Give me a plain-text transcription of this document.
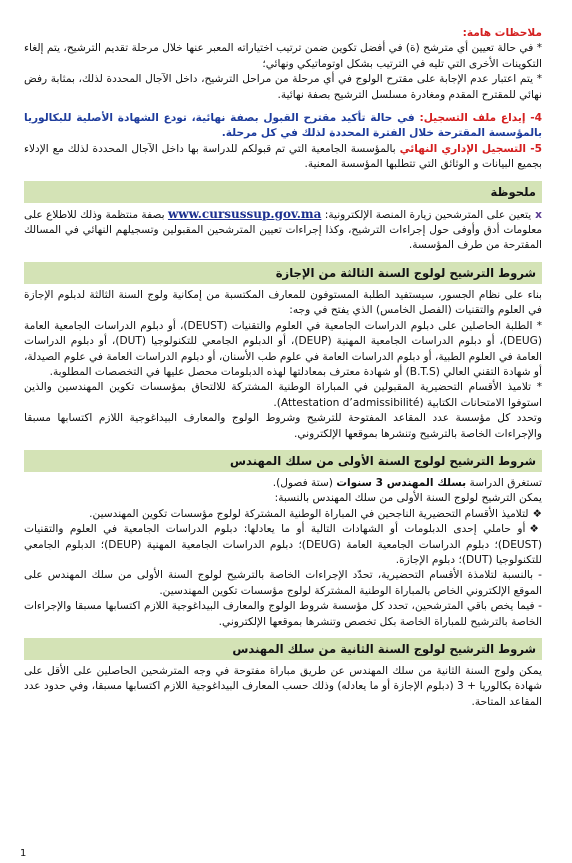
ملاحظات هامة:

* في حالة تعيين أي مترشح (ة) في أفضل تكوين ضمن ترتيب اختياراته المعبر عنها خلال مرحلة تقديم الترشيح، يتم إلغاء التكوينات الأخرى التي تليه في الترتيب بشكل اوتوماتيكي ونهائي؛

* يتم اعتبار عدم الإجابة على مقترح الولوج في أي مرحلة من مراحل الترشيح، داخل الآجال المحددة لذلك، بمثابة رفض نهائي للمقترح المقدم ومغادرة مسلسل الترشيح بصفة نهائية.

4- إيداع ملف التسجيل: في حالة تأكيد مقترح القبول بصفة نهائية، تودع الشهادة الأصلية للبكالوريا بالمؤسسة المقترحة خلال الفترة المحددة لذلك في كل مرحلة.

5- التسجيل الإداري النهائي بالمؤسسة الجامعية التي تم قبولكم للدراسة بها داخل الآجال المحددة لذلك مع الإدلاء بجميع البيانات و الوثائق التي تتطلبها المؤسسة المعنية.

ملحوظة

xيتعين على المترشحين زيارة المنصة الإلكترونية: www.cursussup.gov.ma بصفة منتظمة وذلك للاطلاع على معلومات أدق وأوفى حول إجراءات الترشيح، وكذا إجراءات تعيين المترشحين المقبولين وتسجيلهم النهائي في المسالك المقترحة من طرف المؤسسة.

شروط الترشيح لولوج السنة الثالثة من الإجازة

بناء على نظام الجسور، سيستفيد الطلبة المستوفون للمعارف المكتسبة من إمكانية ولوج السنة الثالثة لدبلوم الإجازة في العلوم والتقنيات (الفصل الخامس) الذي يفتح في وجه:

* الطلبة الحاصلين على دبلوم الدراسات الجامعية في العلوم والتقنيات (DEUST)، أو دبلوم الدراسات الجامعية العامة (DEUG)، أو دبلوم الدراسات الجامعية المهنية (DEUP)، أو الدبلوم الجامعي للتكنولوجيا (DUT)، أو دبلوم الدراسات العامة في العلوم الطبية، أو دبلوم الدراسات العامة في علوم طب الأسنان، أو دبلوم الدراسات العامة في علوم الصيدلة، أو شهادة التقني العالي (B.T.S) أو شهادة معترف بمعادلتها لهذه الدبلومات محصل عليها في التخصصات المطلوبة.

* تلاميذ الأقسام التحضيرية المقبولين في المباراة الوطنية المشتركة للالتحاق بمؤسسات تكوين المهندسين والذين استوفوا الامتحانات الكتابية (Attestation d’admissibilité).

وتحدد كل مؤسسة عدد المقاعد المفتوحة للترشيح وشروط الولوج والمعارف البيداغوجية اللازم اكتسابها مسبقا والإجراءات الخاصة بالترشيح وتنشرها بموقعها الإلكتروني.

شروط الترشيح لولوج السنة الأولى من سلك المهندس

تستغرق الدراسة بسلك المهندس 3 سنوات (ستة فصول).

يمكن الترشيح لولوج السنة الأولى من سلك المهندس بالنسبة:

❖لتلاميذ الأقسام التحضيرية الناجحين في المباراة الوطنية المشتركة لولوج مؤسسات تكوين المهندسين.

❖أو حاملي إحدى الدبلومات أو الشهادات التالية أو ما يعادلها: دبلوم الدراسات الجامعية في العلوم والتقنيات (DEUST)؛ دبلوم الدراسات الجامعية العامة (DEUG)؛ دبلوم الدراسات الجامعية المهنية (DEUP)؛ الدبلوم الجامعي للتكنولوجيا (DUT)؛ دبلوم الإجازة.

- بالنسبة لتلامذة الأقسام التحضيرية، تحدّد الإجراءات الخاصة بالترشيح لولوج السنة الأولى من سلك المهندس على الموقع الإلكتروني الخاص بالمباراة الوطنية المشتركة لولوج مؤسسات تكوين المهندسين.

- فيما يخص باقي المترشحين، تحدد كل مؤسسة شروط الولوج والمعارف البيداغوجية اللازم اكتسابها مسبقا والإجراءات الخاصة بالترشيح للمباراة الخاصة بكل تخصص وتنشرها بموقعها الإلكتروني.

شروط الترشيح لولوج السنة الثانية من سلك المهندس

يمكن ولوج السنة الثانية من سلك المهندس عن طريق مباراة مفتوحة في وجه المترشحين الحاصلين على الأقل على شهادة بكالوريا + 3 (دبلوم الإجازة أو ما يعادله) وذلك حسب المعارف البيداغوجية اللازم اكتسابها مسبقا، وفي حدود عدد المقاعد المتاحة.

1
